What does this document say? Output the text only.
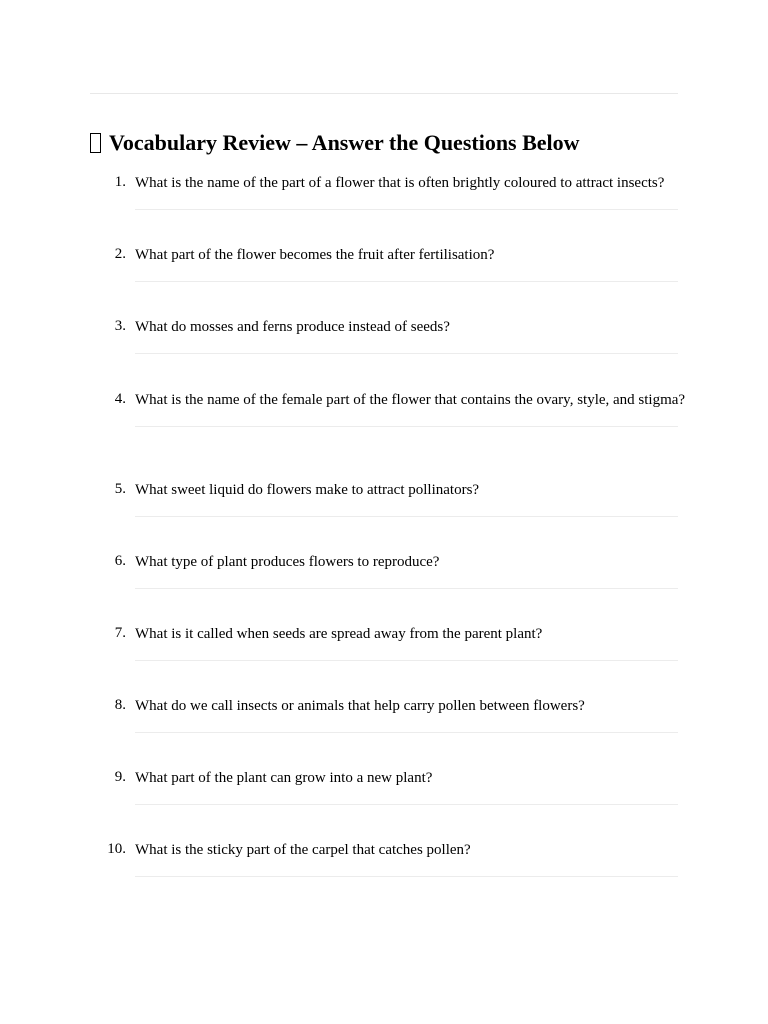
Vocabulary Review – Answer the Questions Below
1. What is the name of the part of a flower that is often brightly coloured to attract insects?
2. What part of the flower becomes the fruit after fertilisation?
3. What do mosses and ferns produce instead of seeds?
4. What is the name of the female part of the flower that contains the ovary, style, and stigma?
5. What sweet liquid do flowers make to attract pollinators?
6. What type of plant produces flowers to reproduce?
7. What is it called when seeds are spread away from the parent plant?
8. What do we call insects or animals that help carry pollen between flowers?
9. What part of the plant can grow into a new plant?
10. What is the sticky part of the carpel that catches pollen?
